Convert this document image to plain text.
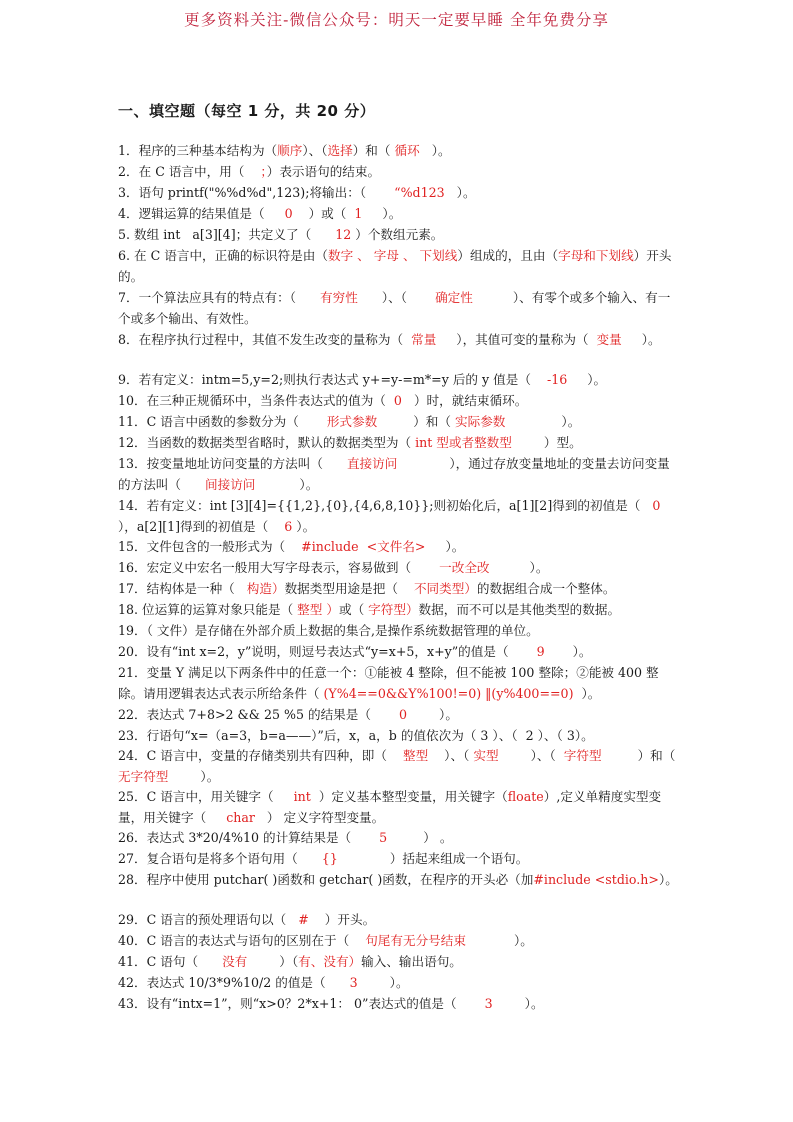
更多资料关注-微信公众号：明天一定要早睡 全年免费分享
一、填空题（每空 1 分，共 20 分）
1．程序的三种基本结构为（顺序）、（选择）和（ 循环   ）。
2．在 C 语言中，用（    ；）表示语句的结束。
3．语句 printf("%%d%d",123);将输出：（       “%d123   ）。
4．逻辑运算的结果值是（     0    ）或（  1     ）。
5. 数组 int   a[3][4]；共定义了（      12 ）个数组元素。
6. 在 C 语言中，正确的标识符是由（数字 、 字母 、 下划线）组成的，且由（字母和下划线）开头的。
7．一个算法应具有的特点有：（      有穷性      ）、（       确定性          ）、有零个或多个输入、有一个或多个输出、有效性。
8．在程序执行过程中，其值不发生改变的量称为（  常量     ），其值可变的量称为（  变量     ）。
9．若有定义：intm=5,y=2;则执行表达式 y+=y-=m*=y 后的 y 值是（    -16     ）。
10．在三种正规循环中，当条件表达式的值为（  0   ）时，就结束循环。
11．C 语言中函数的参数分为（       形式参数         ）和（ 实际参数              ）。
12．当函数的数据类型省略时，默认的数据类型为（ int 型或者整数型        ）型。
13．按变量地址访问变量的方法叫（      直接访问             ），通过存放变量地址的变量去访问变量的方法叫（      间接访问           ）。
14．若有定义：int [3][4]={{1,2},{0},{4,6,8,10}};则初始化后，a[1][2]得到的初值是（   0   ），a[2][1]得到的初值是（    6 ）。
15．文件包含的一般形式为（    #include  <文件名>     ）。
16．宏定义中宏名一般用大写字母表示，容易做到（       一改全改          ）。
17．结构体是一种（   构造）数据类型用途是把（    不同类型）的数据组合成一个整体。
18. 位运算的运算对象只能是（ 整型 ）或（ 字符型）数据，而不可以是其他类型的数据。
19．（ 文件）是存储在外部介质上数据的集合,是操作系统数据管理的单位。
20．设有“int x=2，y”说明，则逗号表达式“y=x+5，x+y”的值是（       9       ）。
21．变量 Y 满足以下两条件中的任意一个：①能被 4 整除，但不能被 100 整除；②能被 400 整除。请用逻辑表达式表示所给条件（ (Y%4==0&&Y%100!=0) ‖(y%400==0)  ）。
22．表达式 7+8>2 && 25 %5 的结果是（       0        ）。
23．行语句“x=（a=3，b=a——）”后，x，a，b 的值依次为（ 3 ）、（  2 ）、（ 3）。
24．C 语言中，变量的存储类别共有四种，即（    整型    ）、（ 实型        ）、（  字符型         ）和（    无字符型        ）。
25．C 语言中，用关键字（     int  ）定义基本整型变量，用关键字（floate）,定义单精度实型变量，用关键字（     char   ） 定义字符型变量。
26．表达式 3*20/4%10 的计算结果是（       5         ） 。
27．复合语句是将多个语句用（      {}             ）括起来组成一个语句。
28．程序中使用 putchar( )函数和 getchar( )函数，在程序的开头必（加#include <stdio.h>）。
29．C 语言的预处理语句以（   #    ）开头。
40．C 语言的表达式与语句的区别在于（    句尾有无分号结束            ）。
41．C 语句（      没有        ）（有、没有）输入、输出语句。
42．表达式 10/3*9%10/2 的值是（      3        ）。
43．设有“intx=1”，则“x>0？2*x+1： 0”表达式的值是（       3        ）。
